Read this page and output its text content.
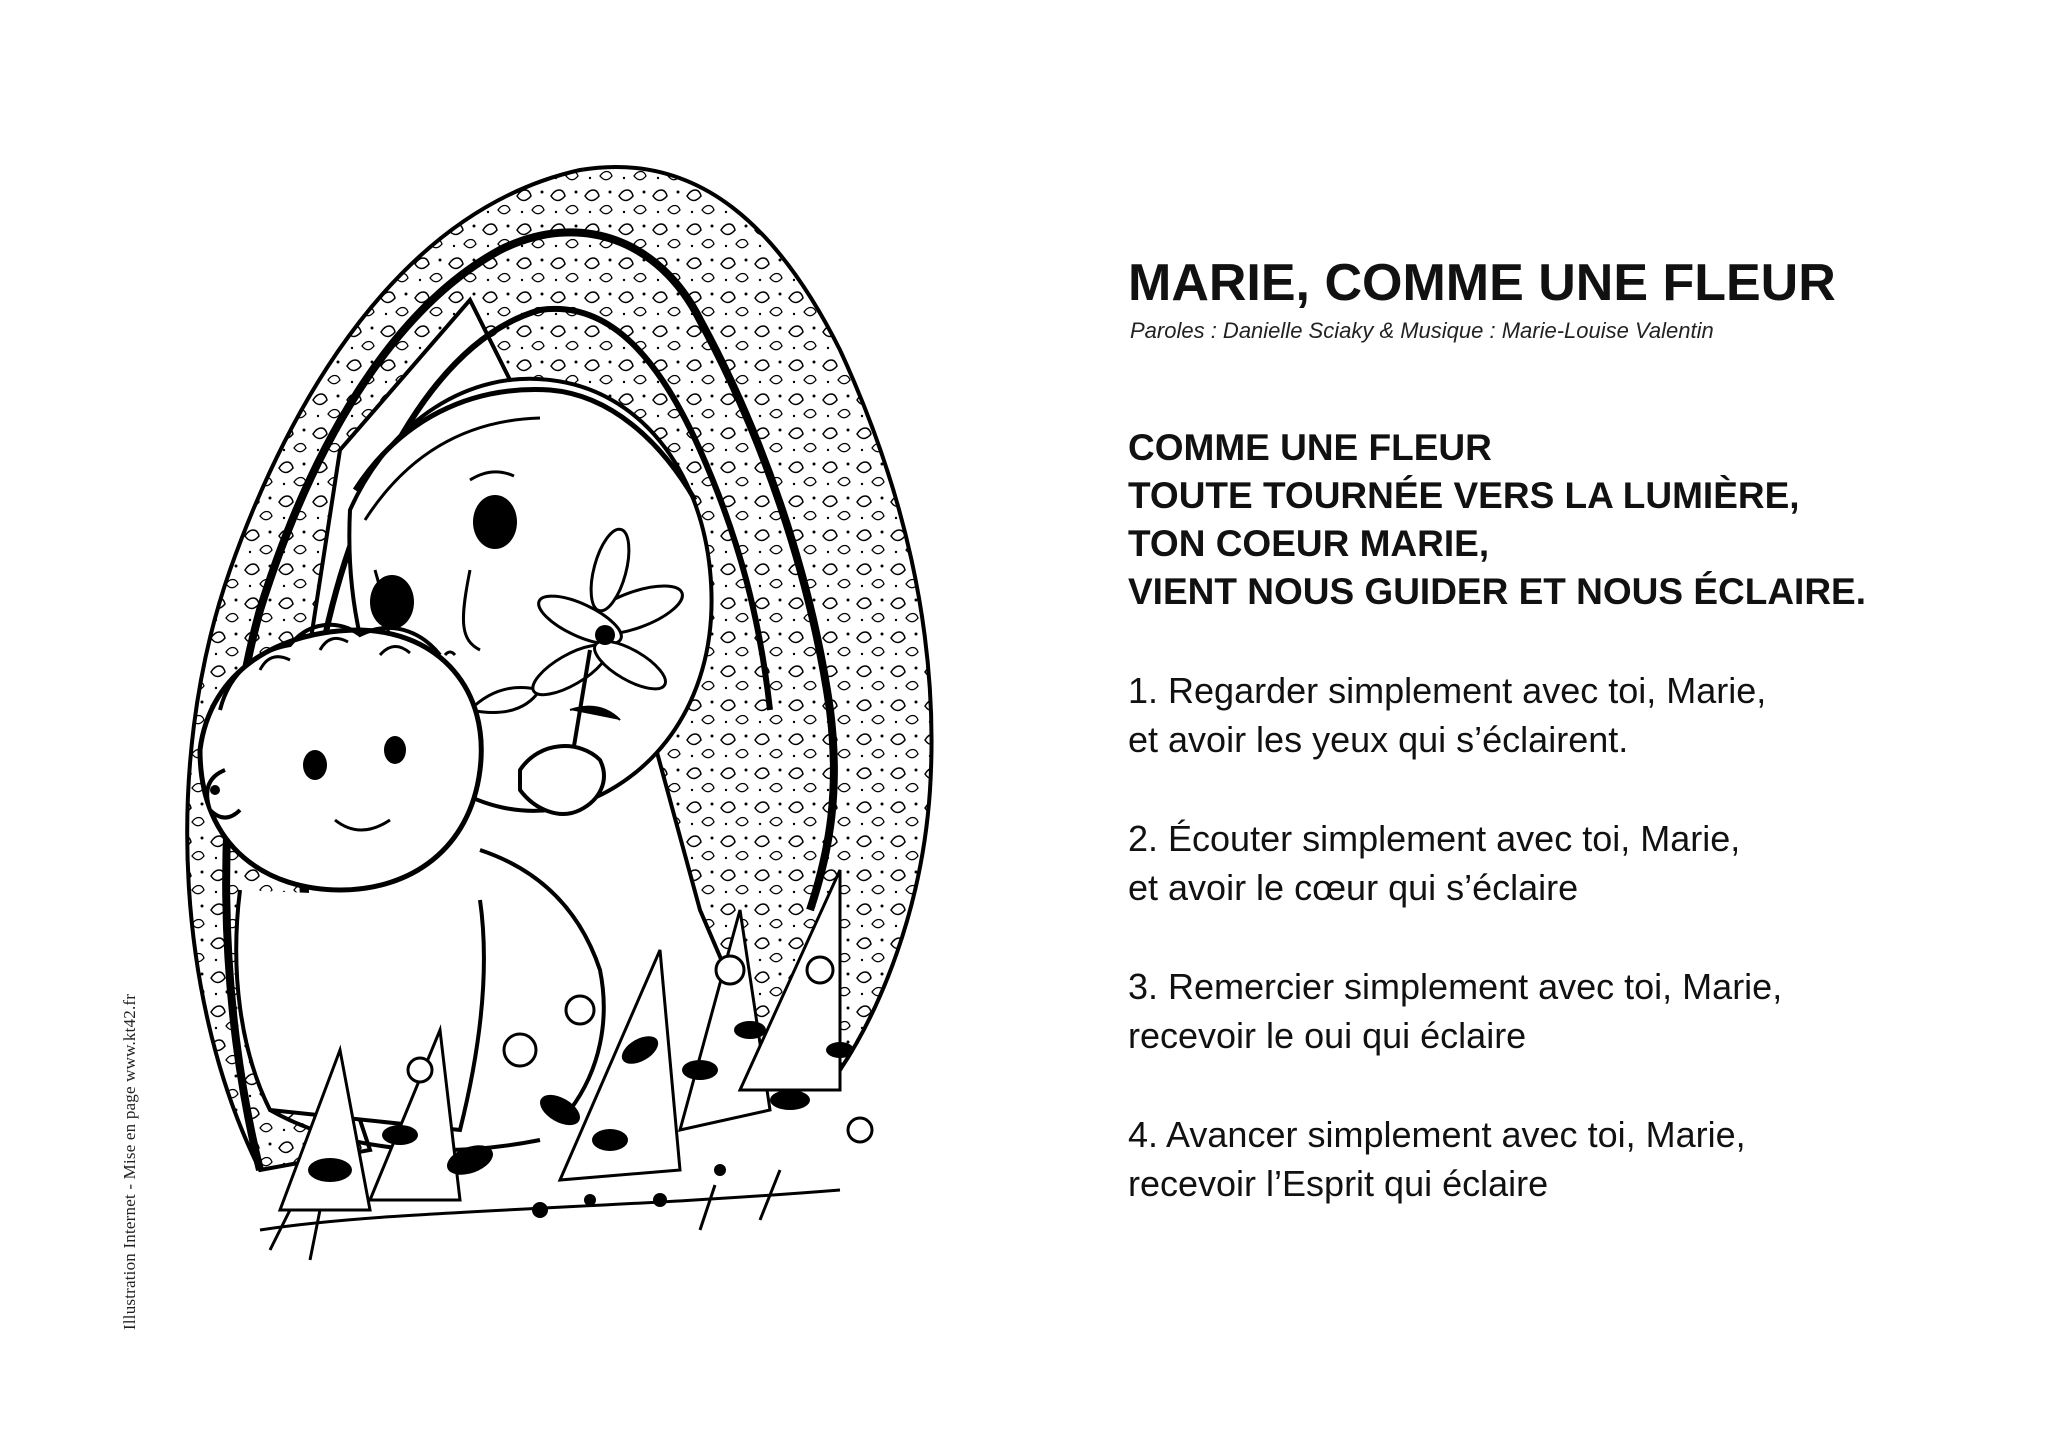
Illustration Internet - Mise en page www.kt42.fr
MARIE, COMME UNE FLEUR
Paroles : Danielle Sciaky & Musique : Marie-Louise Valentin
COMME UNE FLEUR
TOUTE TOURNÉE VERS LA LUMIÈRE,
TON COEUR MARIE,
VIENT NOUS GUIDER ET NOUS ÉCLAIRE.
1. Regarder simplement avec toi, Marie,
et avoir les yeux qui s’éclairent.
2. Écouter simplement avec toi, Marie,
et avoir le cœur qui s’éclaire
3. Remercier simplement avec toi, Marie,
recevoir le oui qui éclaire
4. Avancer simplement avec toi, Marie,
recevoir l’Esprit qui éclaire
